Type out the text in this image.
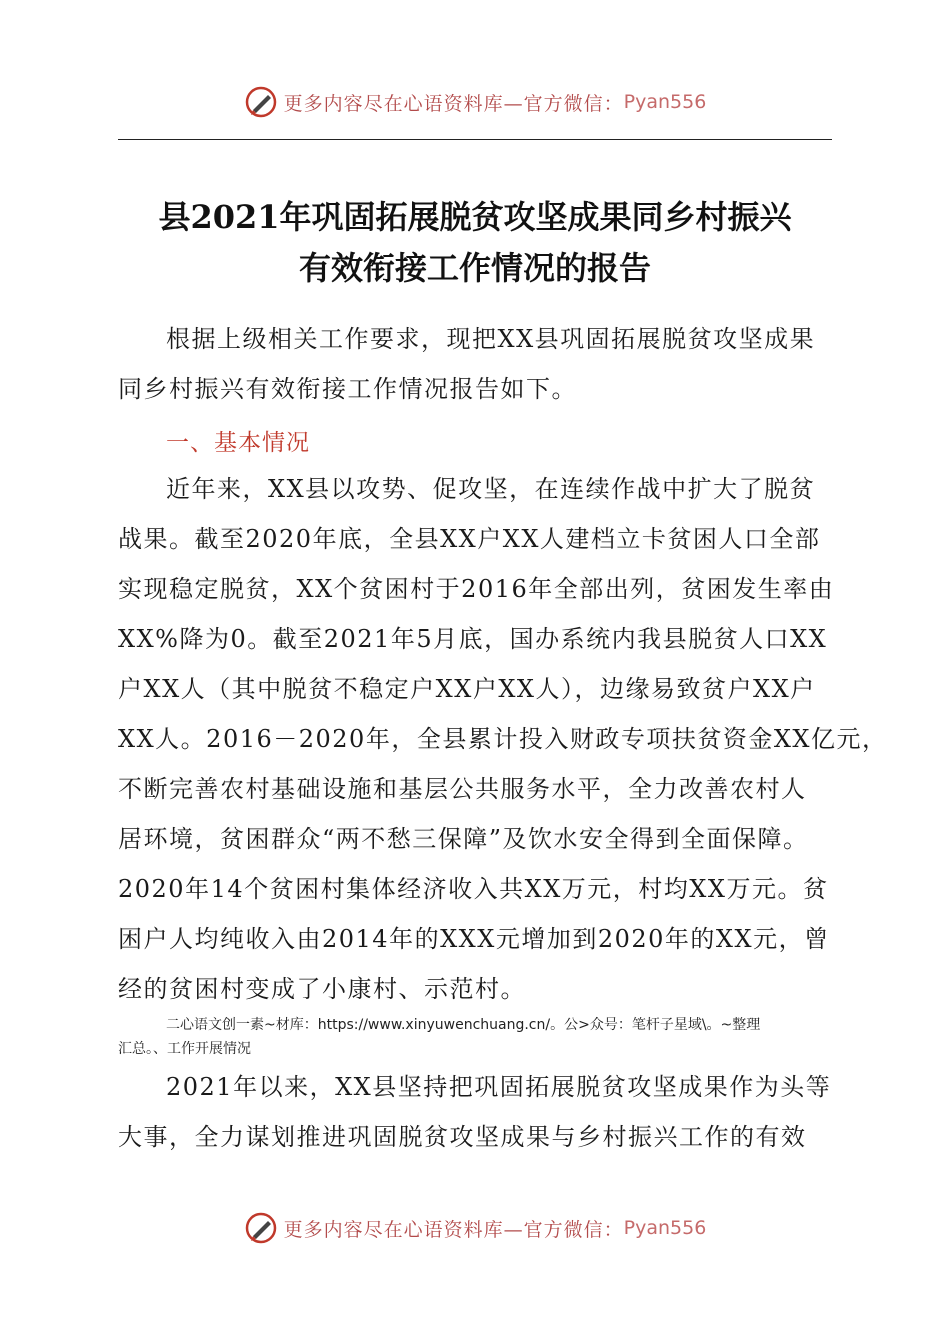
更多内容尽在心语资料库—官方微信： Pyan556
县2021年巩固拓展脱贫攻坚成果同乡村振兴
有效衔接工作情况的报告
根据上级相关工作要求，现把XX县巩固拓展脱贫攻坚成果
同乡村振兴有效衔接工作情况报告如下。
一、基本情况
近年来，XX县以攻势、促攻坚，在连续作战中扩大了脱贫
战果。截至2020年底，全县XX户XX人建档立卡贫困人口全部
实现稳定脱贫，XX个贫困村于2016年全部出列，贫困发生率由
XX%降为0。截至2021年5月底，国办系统内我县脱贫人口XX
户XX人（其中脱贫不稳定户XX户XX人），边缘易致贫户XX户
XX人。2016－2020年，全县累计投入财政专项扶贫资金XX亿元，
不断完善农村基础设施和基层公共服务水平，全力改善农村人
居环境，贫困群众“两不愁三保障”及饮水安全得到全面保障。
2020年14个贫困村集体经济收入共XX万元，村均XX万元。贫
困户人均纯收入由2014年的XXX元增加到2020年的XX元，曾
经的贫困村变成了小康村、示范村。
二心语文创一素~材库：https://www.xinyuwenchuang.cn/。公>众号：笔杆子星域\。~整理
汇总。、工作开展情况
2021年以来，XX县坚持把巩固拓展脱贫攻坚成果作为头等
大事，全力谋划推进巩固脱贫攻坚成果与乡村振兴工作的有效
更多内容尽在心语资料库—官方微信： Pyan556
